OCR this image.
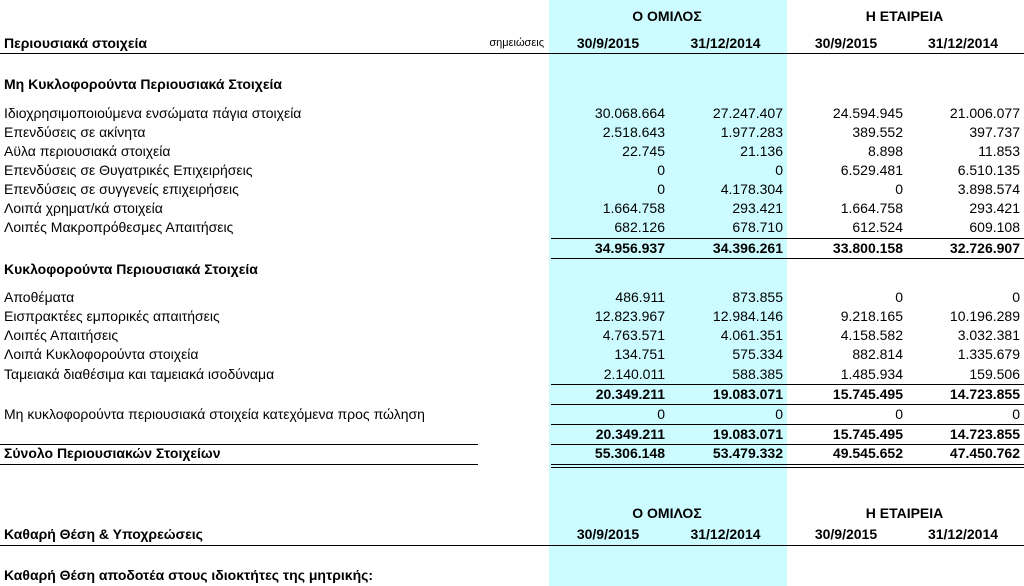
Ο ΟΜΙΛΟΣ	Η ΕΤΑΙΡΕΙΑ
Περιουσιακά στοιχεία	σημειώσεις	30/9/2015	31/12/2014	30/9/2015	31/12/2014
Μη Κυκλοφορούντα Περιουσιακά Στοιχεία
Ιδιοχρησιμοποιούμενα ενσώματα πάγια στοιχεία	30.068.664	27.247.407	24.594.945	21.006.077
Επενδύσεις σε ακίνητα	2.518.643	1.977.283	389.552	397.737
Αϋλα περιουσιακά στοιχεία	22.745	21.136	8.898	11.853
Επενδύσεις σε Θυγατρικές Επιχειρήσεις	0	0	6.529.481	6.510.135
Επενδύσεις σε συγγενείς επιχειρήσεις	0	4.178.304	0	3.898.574
Λοιπά χρηματ/κά στοιχεία	1.664.758	293.421	1.664.758	293.421
Λοιπές Μακροπρόθεσμες Απαιτήσεις	682.126	678.710	612.524	609.108
34.956.937	34.396.261	33.800.158	32.726.907
Κυκλοφορούντα Περιουσιακά Στοιχεία
Αποθέματα	486.911	873.855	0	0
Εισπρακτέες εμπορικές απαιτήσεις	12.823.967	12.984.146	9.218.165	10.196.289
Λοιπές Απαιτήσεις	4.763.571	4.061.351	4.158.582	3.032.381
Λοιπά Κυκλοφορούντα στοιχεία	134.751	575.334	882.814	1.335.679
Ταμειακά διαθέσιμα και ταμειακά ισοδύναμα	2.140.011	588.385	1.485.934	159.506
20.349.211	19.083.071	15.745.495	14.723.855
Μη κυκλοφορούντα περιουσιακά στοιχεία κατεχόμενα προς πώληση	0	0	0	0
20.349.211	19.083.071	15.745.495	14.723.855
Σύνολο Περιουσιακών Στοιχείων	55.306.148	53.479.332	49.545.652	47.450.762
Ο ΟΜΙΛΟΣ	Η ΕΤΑΙΡΕΙΑ
Καθαρή Θέση & Υποχρεώσεις	30/9/2015	31/12/2014	30/9/2015	31/12/2014
Καθαρή Θέση αποδοτέα στους ιδιοκτήτες της μητρικής:
